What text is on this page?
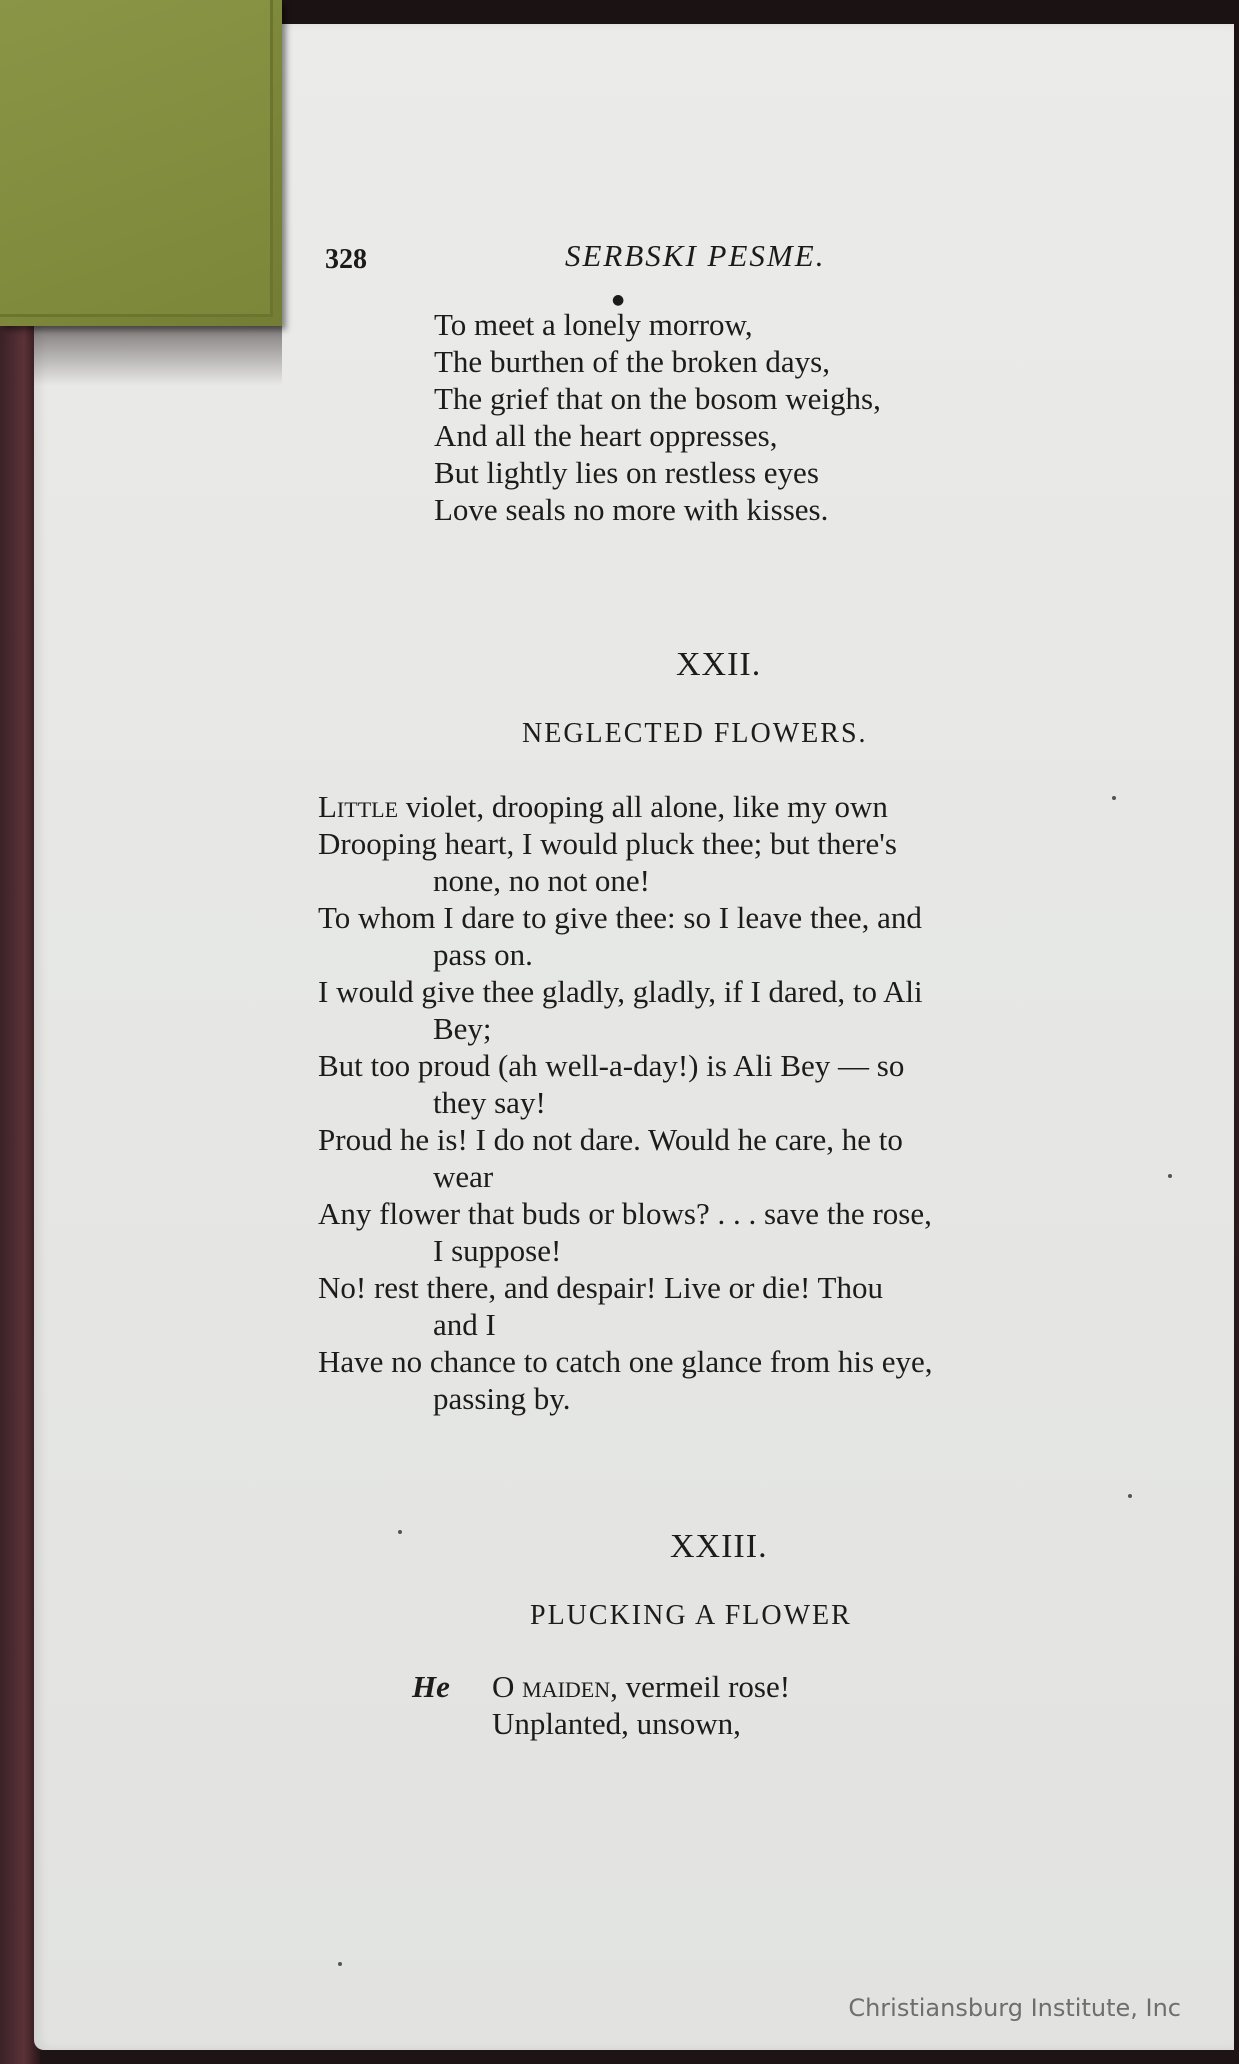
328	SERBSKI PESME.
●
To meet a lonely morrow,
The burthen of the broken days,
The grief that on the bosom weighs,
And all the heart oppresses,
But lightly lies on restless eyes
Love seals no more with kisses.
XXII.
NEGLECTED FLOWERS.
Little violet, drooping all alone, like my own
Drooping heart, I would pluck thee; but there's
none, no not one!
To whom I dare to give thee: so I leave thee, and
pass on.
I would give thee gladly, gladly, if I dared, to Ali
Bey;
But too proud (ah well-a-day!) is Ali Bey — so
they say!
Proud he is! I do not dare. Would he care, he to
wear
Any flower that buds or blows? . . . save the rose,
I suppose!
No! rest there, and despair! Live or die! Thou
and I
Have no chance to catch one glance from his eye,
passing by.
XXIII.
PLUCKING A FLOWER
He O maiden, vermeil rose!
Unplanted, unsown,
Christiansburg Institute, Inc
